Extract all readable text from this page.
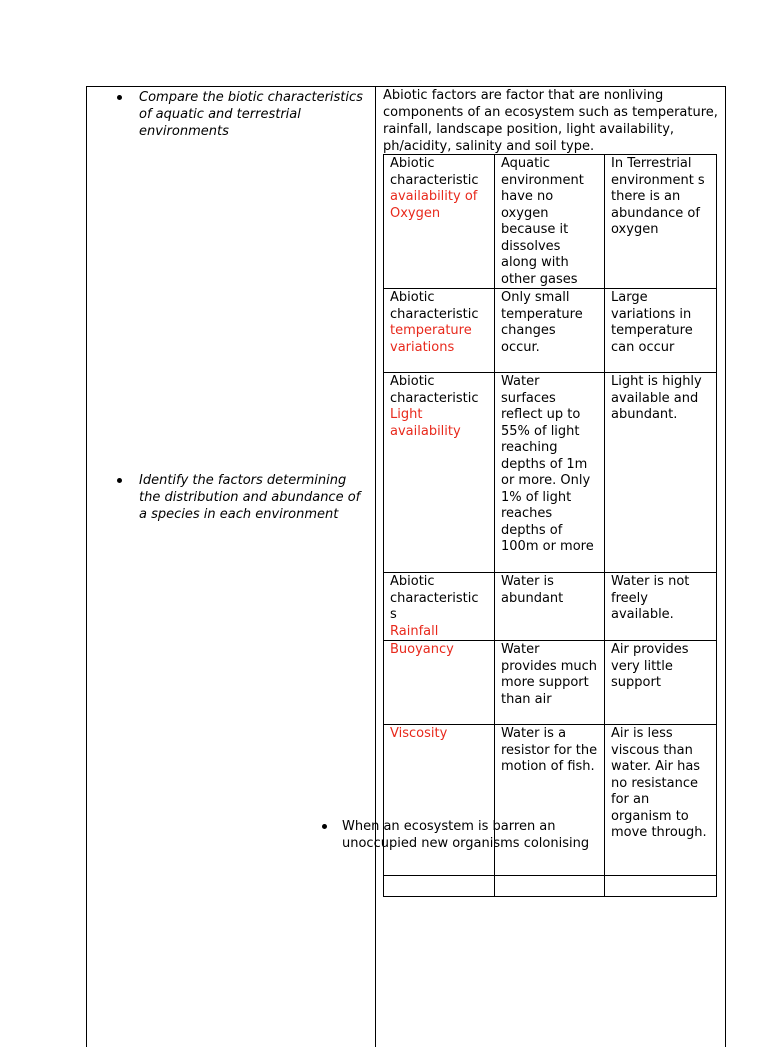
Compare the biotic characteristics of aquatic and terrestrial environments
Identify the factors determining the distribution and abundance of a species in each environment
Abiotic factors are factor that are nonliving components of an ecosystem such as temperature, rainfall, landscape position, light availability, ph/acidity, salinity and soil type.
Abiotic characteristic
availability of Oxygen	Aquatic environment have no oxygen because it dissolves along with other gases	In Terrestrial environment s there is an abundance of oxygen

Abiotic characteristic
temperature variations	Only small temperature changes occur.	Large variations in temperature can occur

Abiotic characteristic
Light availability	Water surfaces reflect up to 55% of light reaching depths of 1m or more. Only 1% of light reaches depths of 100m or more	Light is highly available and abundant.

Abiotic characteristic s
Rainfall	Water is abundant	Water is not freely available.

Buoyancy	Water provides much more support than air	Air provides very little support

Viscosity	Water is a resistor for the motion of fish.	Air is less viscous than water. Air has no resistance for an organism to move through.

When an ecosystem is barren an unoccupied new organisms colonising
